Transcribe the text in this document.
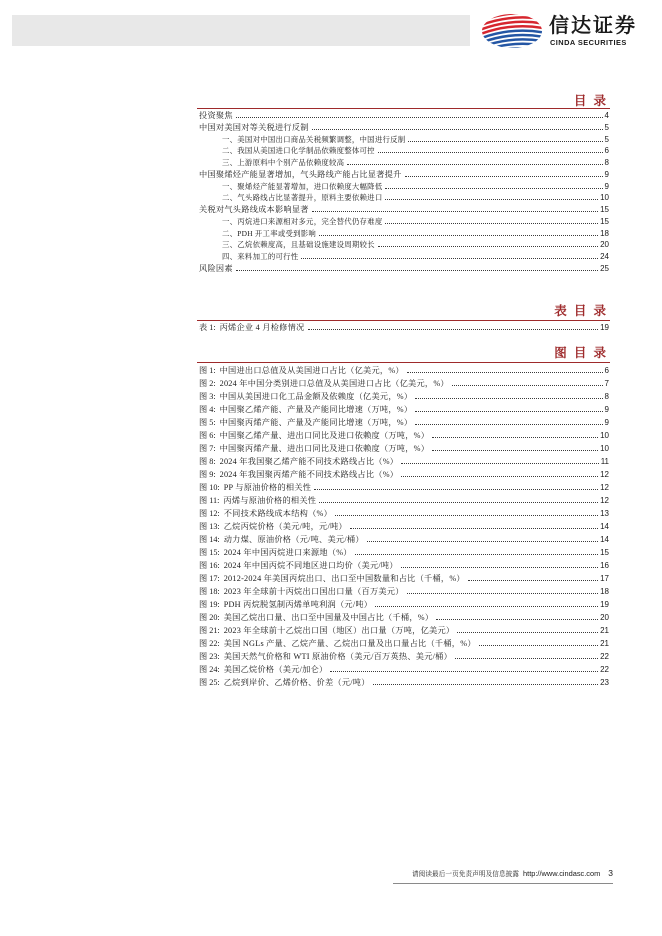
信达证券
CINDA SECURITIES
目 录
投资聚焦	4
中国对美国对等关税进行反制	5
一、美国对中国出口商品关税频繁调整，中国进行反制	5
二、我国从美国进口化学制品依赖度整体可控	6
三、上游原料中个别产品依赖度较高	8
中国聚烯烃产能显著增加，气头路线产能占比显著提升	9
一、聚烯烃产能显著增加，进口依赖度大幅降低	9
二、气头路线占比显著提升，原料主要依赖进口	10
关税对气头路线成本影响显著	15
一、丙烷进口来源相对多元，完全替代仍存难度	15
二、PDH 开工率或受到影响	18
三、乙烷依赖度高，且基础设施建设周期较长	20
四、来料加工的可行性	24
风险因素	25
表 目 录
表 1: 丙烯企业 4 月检修情况	19
图 目 录
图 1: 中国进出口总值及从美国进口占比（亿美元，%）	6
图 2: 2024 年中国分类别进口总值及从美国进口占比（亿美元，%）	7
图 3: 中国从美国进口化工品金额及依赖度（亿美元，%）	8
图 4: 中国聚乙烯产能、产量及产能同比增速（万吨，%）	9
图 5: 中国聚丙烯产能、产量及产能同比增速（万吨，%）	9
图 6: 中国聚乙烯产量、进出口同比及进口依赖度（万吨，%）	10
图 7: 中国聚丙烯产量、进出口同比及进口依赖度（万吨，%）	10
图 8: 2024 年我国聚乙烯产能不同技术路线占比（%）	11
图 9: 2024 年我国聚丙烯产能不同技术路线占比（%）	12
图 10: PP 与原油价格的相关性	12
图 11: 丙烯与原油价格的相关性	12
图 12: 不同技术路线成本结构（%）	13
图 13: 乙烷丙烷价格（美元/吨，元/吨）	14
图 14: 动力煤、原油价格（元/吨、美元/桶）	14
图 15: 2024 年中国丙烷进口来源地（%）	15
图 16: 2024 年中国丙烷不同地区进口均价（美元/吨）	16
图 17: 2012-2024 年美国丙烷出口、出口至中国数量和占比（千桶，%）	17
图 18: 2023 年全球前十丙烷出口国出口量（百万美元）	18
图 19: PDH 丙烷脱氢制丙烯单吨利润（元/吨）	19
图 20: 美国乙烷出口量、出口至中国量及中国占比（千桶，%）	20
图 21: 2023 年全球前十乙烷出口国（地区）出口量（万吨，亿美元）	21
图 22: 美国 NGLs 产量、乙烷产量、乙烷出口量及出口量占比（千桶，%）	21
图 23: 美国天然气价格和 WTI 原油价格（美元/百万英热、美元/桶）	22
图 24: 美国乙烷价格（美元/加仑）	22
图 25: 乙烷到岸价、乙烯价格、价差（元/吨）	23
请阅读最后一页免责声明及信息披露 http://www.cindasc.com 3
